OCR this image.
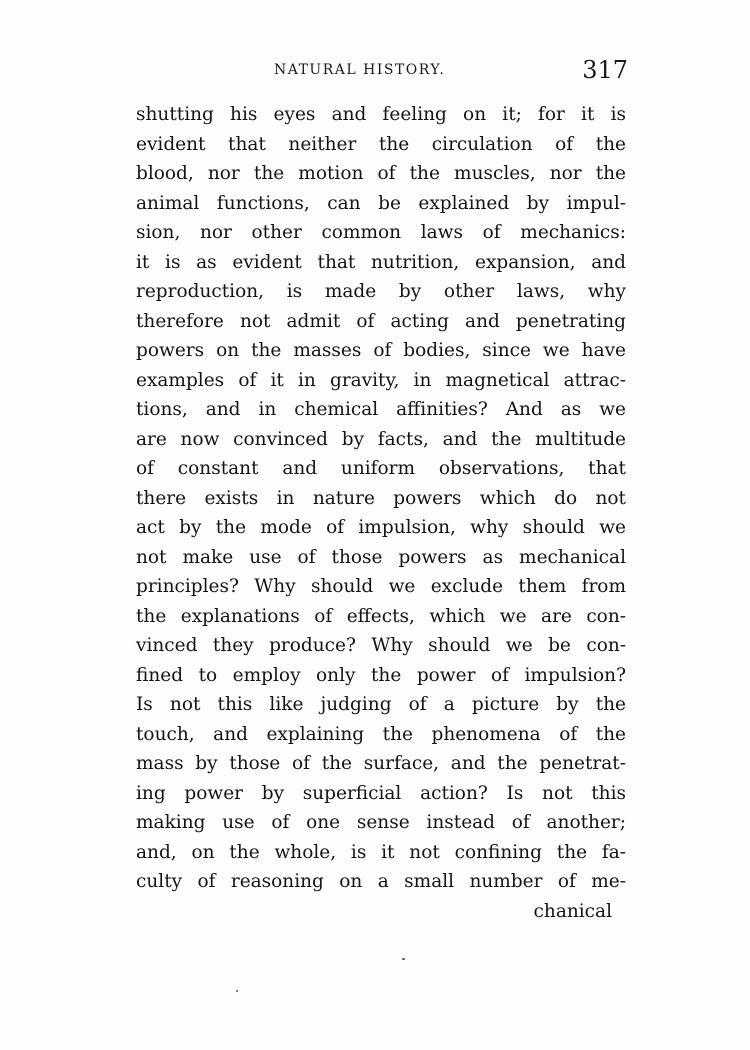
NATURAL HISTORY.	317
shutting his eyes and feeling on it; for it is
evident that neither the circulation of the
blood, nor the motion of the muscles, nor the
animal functions, can be explained by impul-
sion, nor other common laws of mechanics:
it is as evident that nutrition, expansion, and
reproduction, is made by other laws, why
therefore not admit of acting and penetrating
powers on the masses of bodies, since we have
examples of it in gravity, in magnetical attrac-
tions, and in chemical affinities? And as we
are now convinced by facts, and the multitude
of constant and uniform observations, that
there exists in nature powers which do not
act by the mode of impulsion, why should we
not make use of those powers as mechanical
principles? Why should we exclude them from
the explanations of effects, which we are con-
vinced they produce? Why should we be con-
fined to employ only the power of impulsion?
Is not this like judging of a picture by the
touch, and explaining the phenomena of the
mass by those of the surface, and the penetrat-
ing power by superficial action? Is not this
making use of one sense instead of another;
and, on the whole, is it not confining the fa-
culty of reasoning on a small number of me-
chanical
